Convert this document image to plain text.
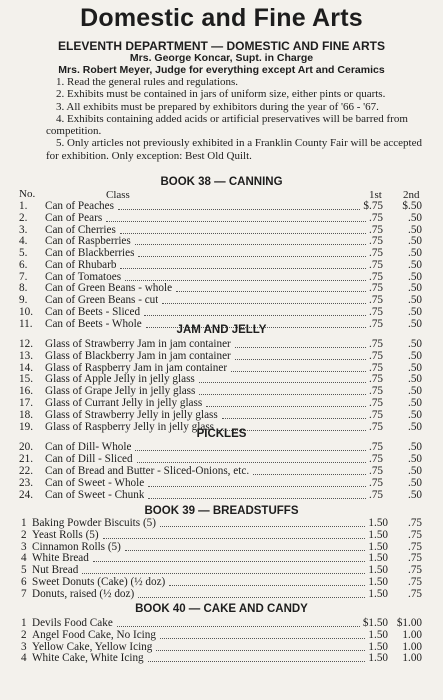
Domestic and Fine Arts
ELEVENTH DEPARTMENT — DOMESTIC AND FINE ARTS
Mrs. George Koncar, Supt. in Charge
Mrs. Robert Meyer, Judge for everything except Art and Ceramics

1. Read the general rules and regulations.

2. Exhibits must be contained in jars of uniform size, either pints or quarts.

3. All exhibits must be prepared by exhibitors during the year of '66 - '67.

4. Exhibits containing added acids or artificial preservatives will be barred from competition.

5. Only articles not previously exhibited in a Franklin County Fair will be accepted for exhibition. Only exception: Best Old Quilt.

No.	Class	1st 2nd
BOOK 38 — CANNING
1. Can of Peaches	$.75 $.50
2. Can of Pears	.75 .50
3. Can of Cherries	.75 .50
4. Can of Raspberries	.75 .50
5. Can of Blackberries	.75 .50
6. Can of Rhubarb	.75 .50
7. Can of Tomatoes	.75 .50
8. Can of Green Beans - whole	.75 .50
9. Can of Green Beans - cut	.75 .50
10. Can of Beets - Sliced	.75 .50
11. Can of Beets - Whole	.75 .50
JAM AND JELLY
12. Glass of Strawberry Jam in jam container	.75 .50
13. Glass of Blackberry Jam in jam container	.75 .50
14. Glass of Raspberry Jam in jam container	.75 .50
15. Glass of Apple Jelly in jelly glass	.75 .50
16. Glass of Grape Jelly in jelly glass	.75 .50
17. Glass of Currant Jelly in jelly glass	.75 .50
18. Glass of Strawberry Jelly in jelly glass	.75 .50
19. Glass of Raspberry Jelly in jelly glass	.75 .50
PICKLES
20. Can of Dill- Whole	.75 .50
21. Can of Dill - Sliced	.75 .50
22. Can of Bread and Butter - Sliced-Onions, etc.	.75 .50
23. Can of Sweet - Whole	.75 .50
24. Can of Sweet - Chunk	.75 .50
BOOK 39 — BREADSTUFFS
1 Baking Powder Biscuits (5)	1.50 .75
2 Yeast Rolls (5)	1.50 .75
3 Cinnamon Rolls (5)	1.50 .75
4 White Bread	1.50 .75
5 Nut Bread	1.50 .75
6 Sweet Donuts (Cake) (½ doz)	1.50 .75
7 Donuts, raised (½ doz)	1.50 .75
BOOK 40 — CAKE AND CANDY
1 Devils Food Cake	$1.50 $1.00
2 Angel Food Cake, No Icing	1.50 1.00
3 Yellow Cake, Yellow Icing	1.50 1.00
4 White Cake, White Icing	1.50 1.00
